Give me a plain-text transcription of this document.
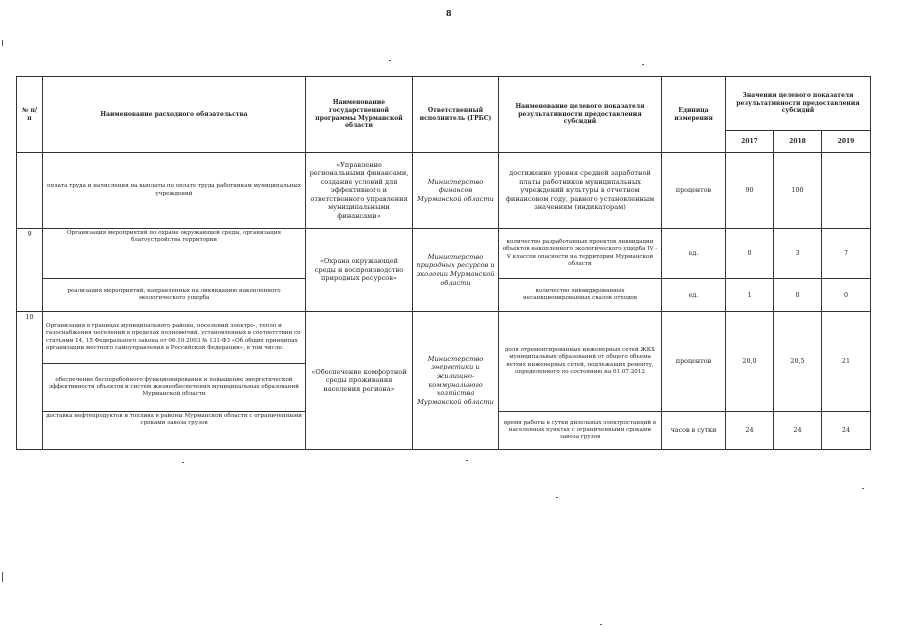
8
№ п/п	Наименование расходного обязательства	Наименование государственной программы Мурманской области	Ответственный исполнитель (ГРБС)	Наименование целевого показателя результативности предоставления субсидий	Единица измерения	Значения целевого показателя результативности предоставления субсидий		
						2017	2018	2019
	оплата труда и начисления на выплаты по оплате труда работникам муниципальных учреждений	«Управление региональными финансами, создание условий для эффективного и ответственного управления муниципальными финансами»	Министерство финансов Мурманской области	достижение уровня средней заработной платы работников муниципальных учреждений культуры в отчетном финансовом году, равного установленным значениям (индикаторам)	процентов	90	100	
9	Организация мероприятий по охране окружающей среды, организация благоустройства территории	«Охрана окружающей среды и воспроизводство природных ресурсов»	Министерство природных ресурсов и экологии Мурманской области	количество разработанных проектов ликвидации объектов накопленного экологического ущерба IV - V классов опасности на территории Мурманской области	ед.	0	3	7
	реализация мероприятий, направленных на ликвидацию накопленного экологического ущерба			количество ликвидированных несанкционированных свалок отходов	ед.	1	0	0
10	Организация в границах муниципального района, поселений электро-, тепло и газоснабжения поселений в пределах полномочий, установленных в соответствии со статьями 14, 15 Федерального закона от 06.10.2003 № 131-ФЗ «Об общих принципах организации местного самоуправления в Российской Федерации», в том числе:	«Обеспечение комфортной среды проживания населения региона»	Министерство энергетики и жилищно-коммунального хозяйства Мурманской области	доля отремонтированных инженерных сетей ЖКХ муниципальных образований от общего объема ветхих инженерных сетей, подлежащих ремонту, определенного по состоянию на 01.07.2012	процентов	20,0	20,5	21
	обеспечение бесперебойного функционирования и повышение энергетической эффективности объектов и систем жизнеобеспечения муниципальных образований Мурманской области							
	доставка нефтепродуктов и топлива в районы Мурманской области с ограниченными сроками завоза грузов			время работы в сутки дизельных электростанций в населенных пунктах с ограниченными сроками завоза грузов	часов в сутки	24	24	24
